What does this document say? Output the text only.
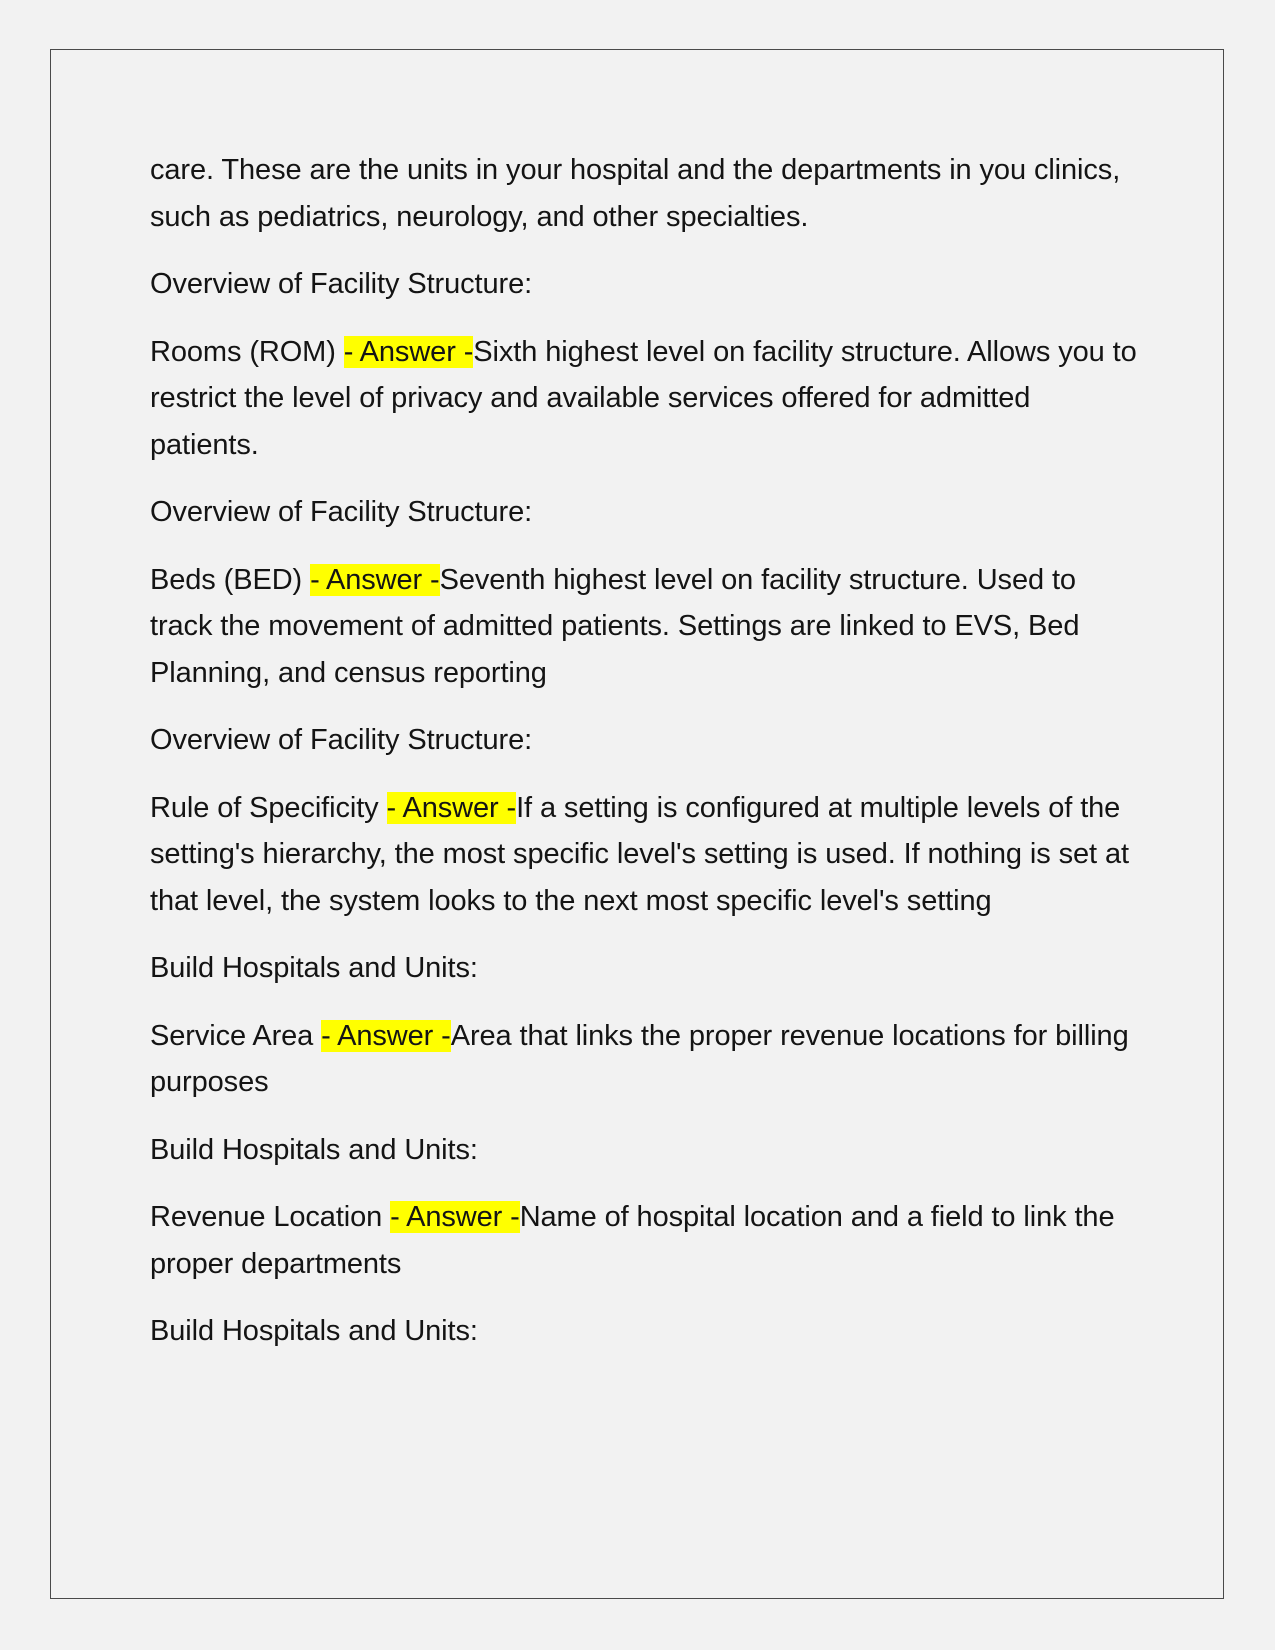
care. These are the units in your hospital and the departments in you clinics, such as pediatrics, neurology, and other specialties.

Overview of Facility Structure:

Rooms (ROM) - Answer -Sixth highest level on facility structure. Allows you to restrict the level of privacy and available services offered for admitted patients.

Overview of Facility Structure:

Beds (BED) - Answer -Seventh highest level on facility structure. Used to track the movement of admitted patients. Settings are linked to EVS, Bed Planning, and census reporting

Overview of Facility Structure:

Rule of Specificity - Answer -If a setting is configured at multiple levels of the setting's hierarchy, the most specific level's setting is used. If nothing is set at that level, the system looks to the next most specific level's setting

Build Hospitals and Units:

Service Area - Answer -Area that links the proper revenue locations for billing purposes

Build Hospitals and Units:

Revenue Location - Answer -Name of hospital location and a field to link the proper departments

Build Hospitals and Units:
